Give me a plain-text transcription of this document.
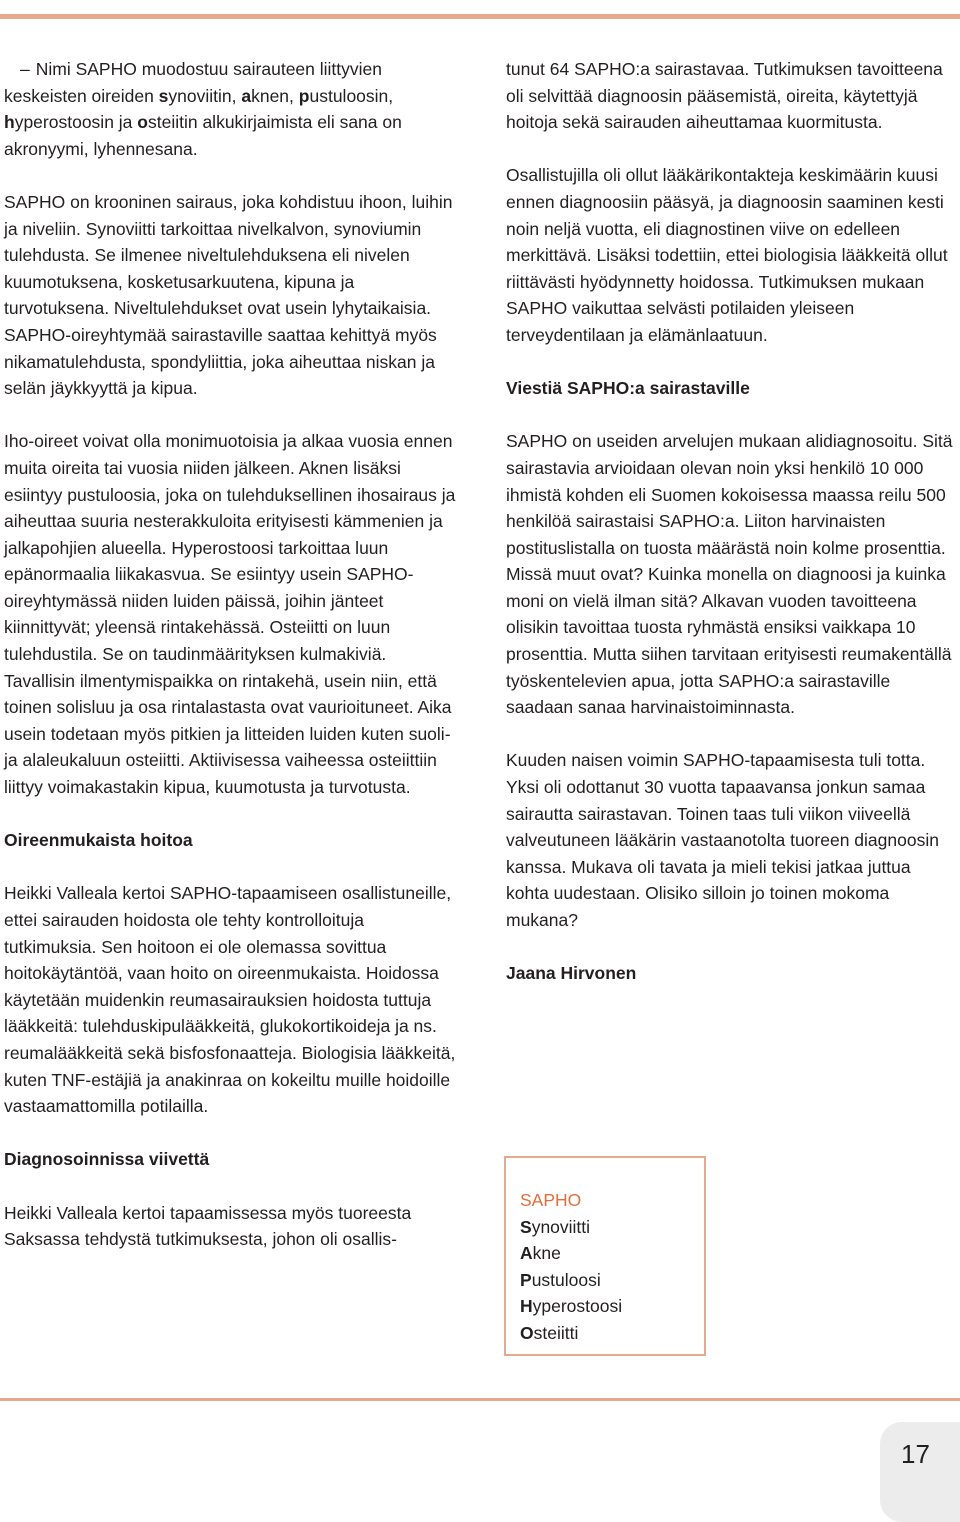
– Nimi SAPHO muodostuu sairauteen liittyvien keskeisten oireiden synoviitin, aknen, pustuloosin, hyperostoosin ja osteiitin alkukirjaimista eli sana on akronyymi, lyhennesana.

SAPHO on krooninen sairaus, joka kohdistuu ihoon, luihin ja niveliin. Synoviitti tarkoittaa nivelkalvon, synoviumin tulehdusta. Se ilmenee niveltulehduksena eli nivelen kuumotuksena, kosketusarkuutena, kipuna ja turvotuksena. Niveltulehdukset ovat usein lyhytaikaisia. SAPHO-oireyhtymää sairastaville saattaa kehittyä myös nikamatulehdusta, spondyliittia, joka aiheuttaa niskan ja selän jäykkyyttä ja kipua.

Iho-oireet voivat olla monimuotoisia ja alkaa vuosia ennen muita oireita tai vuosia niiden jälkeen. Aknen lisäksi esiintyy pustuloosia, joka on tulehduksellinen ihosairaus ja aiheuttaa suuria nesterakkuloita erityisesti kämmenien ja jalkapohjien alueella. Hyperostoosi tarkoittaa luun epänormaalia liikakasvua. Se esiintyy usein SAPHO-oireyhtymässä niiden luiden päissä, joihin jänteet kiinnittyvät; yleensä rintakehässä. Osteiitti on luun tulehdustila. Se on taudinmäärityksen kulmakiviä. Tavallisin ilmentymispaikka on rintakehä, usein niin, että toinen solisluu ja osa rintalastasta ovat vaurioituneet. Aika usein todetaan myös pitkien ja litteiden luiden kuten suoli- ja alaleukaluun osteiitti. Aktiivisessa vaiheessa osteiittiin liittyy voimakastakin kipua, kuumotusta ja turvotusta.

Oireenmukaista hoitoa

Heikki Valleala kertoi SAPHO-tapaamiseen osallistuneille, ettei sairauden hoidosta ole tehty kontrolloituja tutkimuksia. Sen hoitoon ei ole olemassa sovittua hoitokäytäntöä, vaan hoito on oireenmukaista. Hoidossa käytetään muidenkin reumasairauksien hoidosta tuttuja lääkkeitä: tulehduskipulääkkeitä, glukokortikoideja ja ns. reumalääkkeitä sekä bisfosfonaatteja. Biologisia lääkkeitä, kuten TNF-estäjiä ja anakinraa on kokeiltu muille hoidoille vastaamattomilla potilailla.

Diagnosoinnissa viivettä

Heikki Valleala kertoi tapaamissessa myös tuoreesta Saksassa tehdystä tutkimuksesta, johon oli osallis-

tunut 64 SAPHO:a sairastavaa. Tutkimuksen tavoitteena oli selvittää diagnoosin pääsemistä, oireita, käytettyjä hoitoja sekä sairauden aiheuttamaa kuormitusta.

Osallistujilla oli ollut lääkärikontakteja keskimäärin kuusi ennen diagnoosiin pääsyä, ja diagnoosin saaminen kesti noin neljä vuotta, eli diagnostinen viive on edelleen merkittävä. Lisäksi todettiin, ettei biologisia lääkkeitä ollut riittävästi hyödynnetty hoidossa. Tutkimuksen mukaan SAPHO vaikuttaa selvästi potilaiden yleiseen terveydentilaan ja elämänlaatuun.

Viestiä SAPHO:a sairastaville

SAPHO on useiden arvelujen mukaan alidiagnosoitu. Sitä sairastavia arvioidaan olevan noin yksi henkilö 10 000 ihmistä kohden eli Suomen kokoisessa maassa reilu 500 henkilöä sairastaisi SAPHO:a. Liiton harvinaisten postituslistalla on tuosta määrästä noin kolme prosenttia. Missä muut ovat? Kuinka monella on diagnoosi ja kuinka moni on vielä ilman sitä? Alkavan vuoden tavoitteena olisikin tavoittaa tuosta ryhmästä ensiksi vaikkapa 10 prosenttia. Mutta siihen tarvitaan erityisesti reumakentällä työskentelevien apua, jotta SAPHO:a sairastaville saadaan sanaa harvinaistoiminnasta.

Kuuden naisen voimin SAPHO-tapaamisesta tuli totta. Yksi oli odottanut 30 vuotta tapaavansa jonkun samaa sairautta sairastavan. Toinen taas tuli viikon viiveellä valveutuneen lääkärin vastaanotolta tuoreen diagnoosin kanssa. Mukava oli tavata ja mieli tekisi jatkaa juttua kohta uudestaan. Olisiko silloin jo toinen mokoma mukana?

Jaana Hirvonen

SAPHO
Synoviitti
Akne
Pustuloosi
Hyperostoosi
Osteiitti
17
